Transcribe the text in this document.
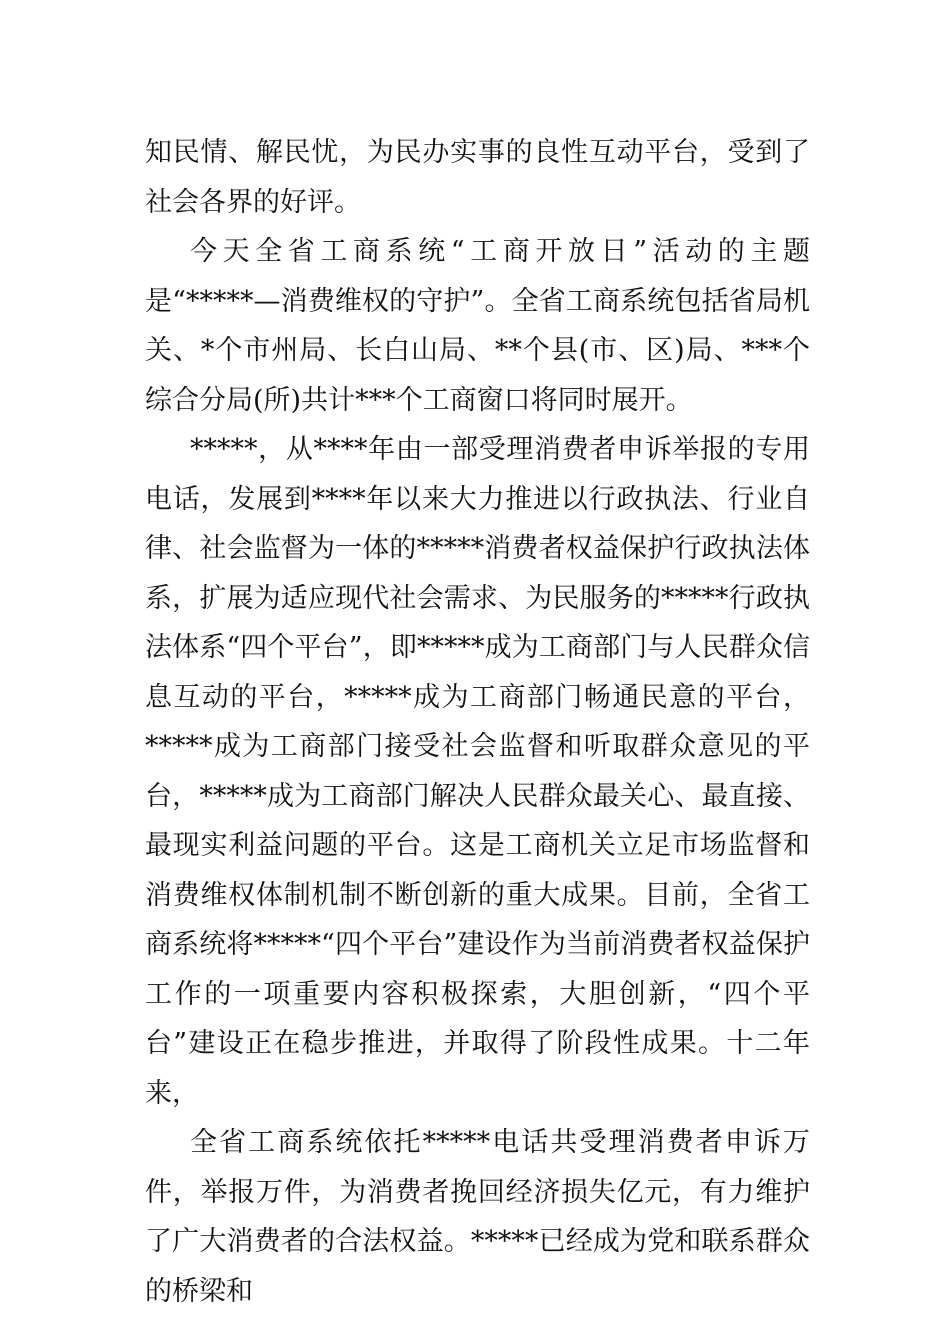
知民情、解民忧，为民办实事的良性互动平台，受到了社会各界的好评。

今天全省工商系统“工商开放日”活动的主题是“*****—消费维权的守护”。全省工商系统包括省局机关、*个市州局、长白山局、**个县(市、区)局、***个综合分局(所)共计***个工商窗口将同时展开。

*****，从****年由一部受理消费者申诉举报的专用电话，发展到****年以来大力推进以行政执法、行业自律、社会监督为一体的*****消费者权益保护行政执法体系，扩展为适应现代社会需求、为民服务的*****行政执法体系“四个平台”，即*****成为工商部门与人民群众信息互动的平台，*****成为工商部门畅通民意的平台，*****成为工商部门接受社会监督和听取群众意见的平台，*****成为工商部门解决人民群众最关心、最直接、最现实利益问题的平台。这是工商机关立足市场监督和消费维权体制机制不断创新的重大成果。目前，全省工商系统将*****“四个平台”建设作为当前消费者权益保护工作的一项重要内容积极探索，大胆创新，“四个平台”建设正在稳步推进，并取得了阶段性成果。十二年来，

全省工商系统依托*****电话共受理消费者申诉万件，举报万件，为消费者挽回经济损失亿元，有力维护了广大消费者的合法权益。*****已经成为党和联系群众的桥梁和
